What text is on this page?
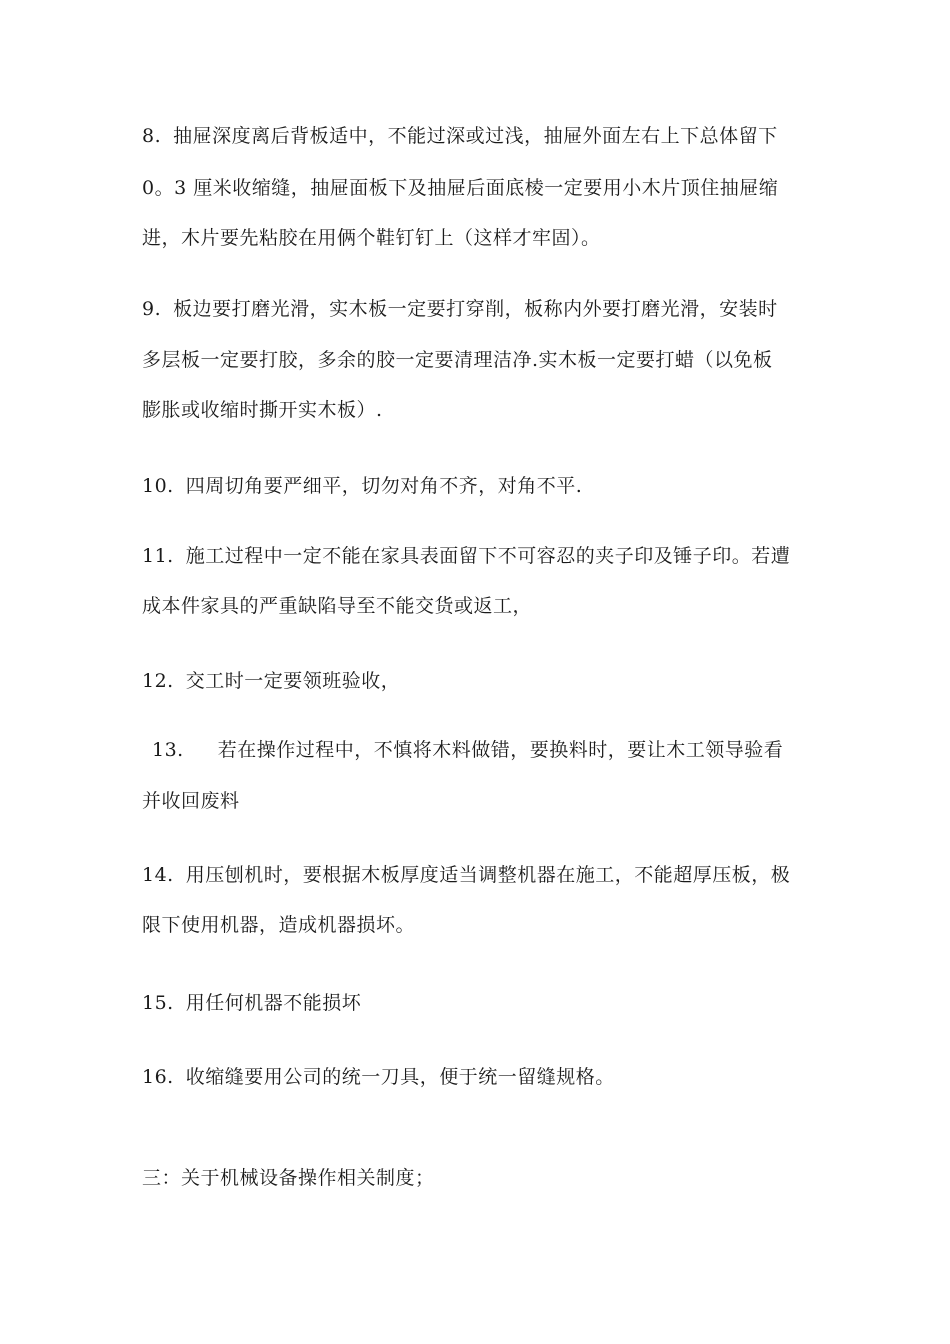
8. 抽屉深度离后背板适中，不能过深或过浅，抽屉外面左右上下总体留下
0。3 厘米收缩缝，抽屉面板下及抽屉后面底棱一定要用小木片顶住抽屉缩
进，木片要先粘胶在用俩个鞋钉钉上（这样才牢固）。
9. 板边要打磨光滑，实木板一定要打穿削，板称内外要打磨光滑，安装时
多层板一定要打胶，多余的胶一定要清理洁净.实木板一定要打蜡（以免板
膨胀或收缩时撕开实木板）.
10. 四周切角要严细平，切勿对角不齐，对角不平.
11. 施工过程中一定不能在家具表面留下不可容忍的夹子印及锤子印。若遭
成本件家具的严重缺陷导至不能交货或返工，
12. 交工时一定要领班验收，
13. 若在操作过程中，不慎将木料做错，要换料时，要让木工领导验看
并收回废料
14. 用压刨机时，要根据木板厚度适当调整机器在施工，不能超厚压板，极
限下使用机器，造成机器损坏。
15. 用任何机器不能损坏
16. 收缩缝要用公司的统一刀具，便于统一留缝规格。
三：关于机械设备操作相关制度；
